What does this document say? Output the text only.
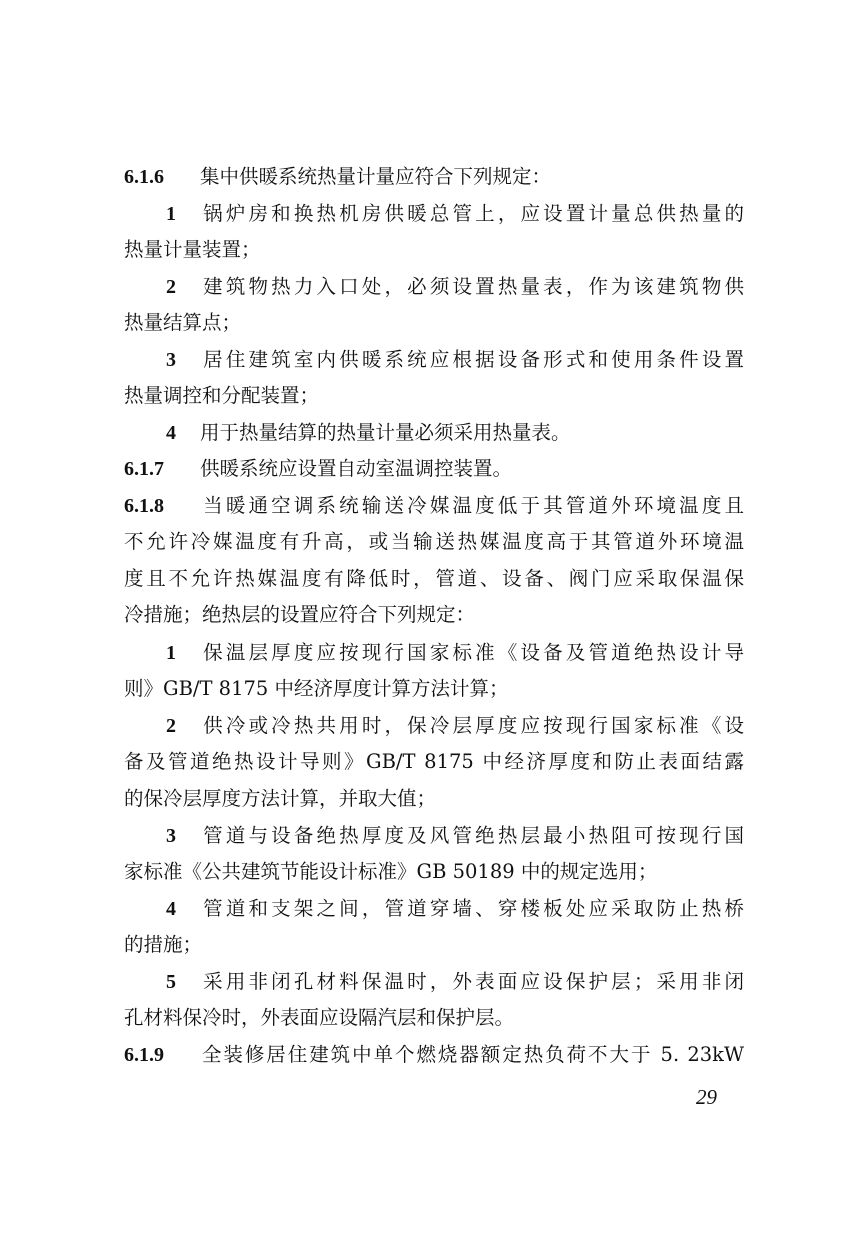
6.1.6 集中供暖系统热量计量应符合下列规定：
1 锅炉房和换热机房供暖总管上，应设置计量总供热量的
热量计量装置；
2 建筑物热力入口处，必须设置热量表，作为该建筑物供
热量结算点；
3 居住建筑室内供暖系统应根据设备形式和使用条件设置
热量调控和分配装置；
4 用于热量结算的热量计量必须采用热量表。
6.1.7 供暖系统应设置自动室温调控装置。
6.1.8 当暖通空调系统输送冷媒温度低于其管道外环境温度且
不允许冷媒温度有升高，或当输送热媒温度高于其管道外环境温
度且不允许热媒温度有降低时，管道、设备、阀门应采取保温保
冷措施；绝热层的设置应符合下列规定：
1 保温层厚度应按现行国家标准《设备及管道绝热设计导
则》GB/T 8175 中经济厚度计算方法计算；
2 供冷或冷热共用时，保冷层厚度应按现行国家标准《设
备及管道绝热设计导则》GB/T 8175 中经济厚度和防止表面结露
的保冷层厚度方法计算，并取大值；
3 管道与设备绝热厚度及风管绝热层最小热阻可按现行国
家标准《公共建筑节能设计标准》GB 50189 中的规定选用；
4 管道和支架之间，管道穿墙、穿楼板处应采取防止热桥
的措施；
5 采用非闭孔材料保温时，外表面应设保护层；采用非闭
孔材料保冷时，外表面应设隔汽层和保护层。
6.1.9 全装修居住建筑中单个燃烧器额定热负荷不大于 5. 23kW
29
